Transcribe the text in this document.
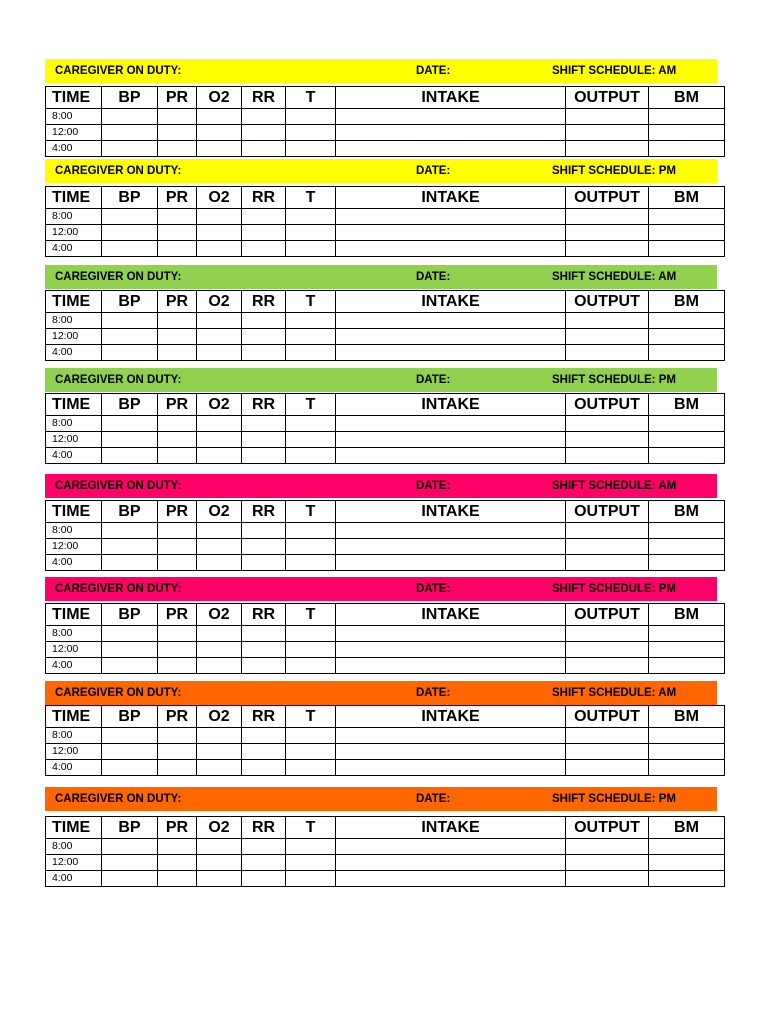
CAREGIVER ON DUTY:	DATE:	SHIFT SCHEDULE: AM
TIME	BP	PR	O2	RR	T	INTAKE	OUTPUT	BM
8:00								
12:00								
4:00								
CAREGIVER ON DUTY:	DATE:	SHIFT SCHEDULE: PM
TIME	BP	PR	O2	RR	T	INTAKE	OUTPUT	BM
8:00								
12:00								
4:00								
CAREGIVER ON DUTY:	DATE:	SHIFT SCHEDULE: AM
TIME	BP	PR	O2	RR	T	INTAKE	OUTPUT	BM
8:00								
12:00								
4:00								
CAREGIVER ON DUTY:	DATE:	SHIFT SCHEDULE: PM
TIME	BP	PR	O2	RR	T	INTAKE	OUTPUT	BM
8:00								
12:00								
4:00								
CAREGIVER ON DUTY:	DATE:	SHIFT SCHEDULE: AM
TIME	BP	PR	O2	RR	T	INTAKE	OUTPUT	BM
8:00								
12:00								
4:00								
CAREGIVER ON DUTY:	DATE:	SHIFT SCHEDULE: PM
TIME	BP	PR	O2	RR	T	INTAKE	OUTPUT	BM
8:00								
12:00								
4:00								
CAREGIVER ON DUTY:	DATE:	SHIFT SCHEDULE: AM
TIME	BP	PR	O2	RR	T	INTAKE	OUTPUT	BM
8:00								
12:00								
4:00								
CAREGIVER ON DUTY:	DATE:	SHIFT SCHEDULE: PM
TIME	BP	PR	O2	RR	T	INTAKE	OUTPUT	BM
8:00								
12:00								
4:00								
